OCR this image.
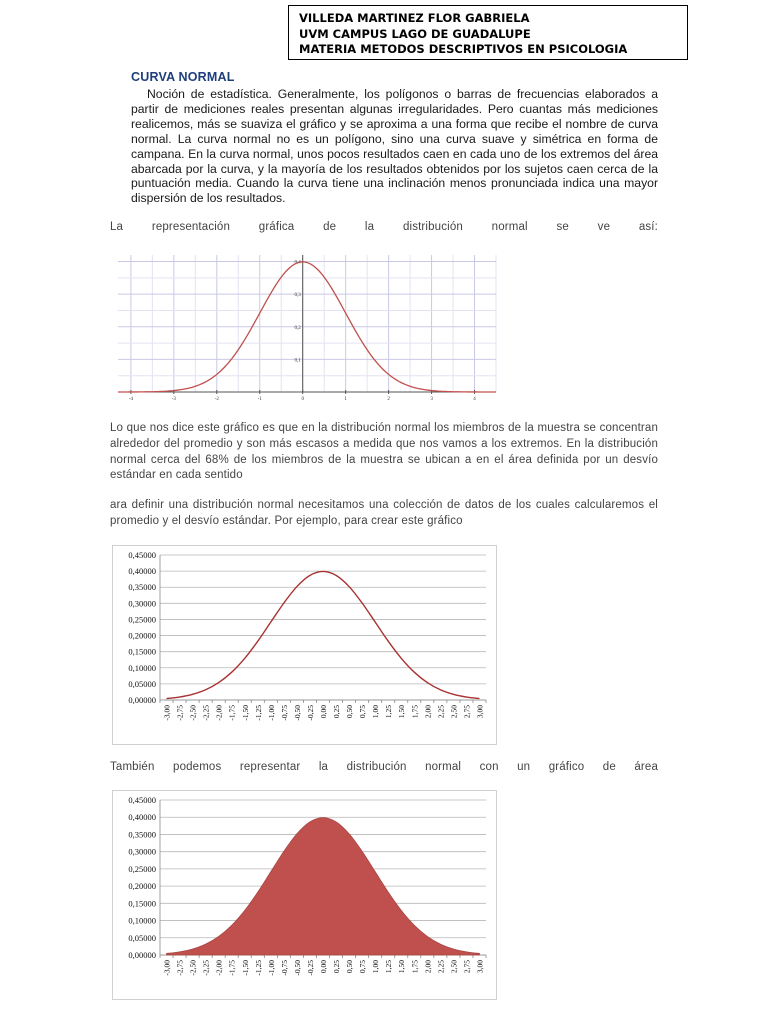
VILLEDA MARTINEZ FLOR GABRIELA
UVM CAMPUS LAGO DE GUADALUPE
MATERIA METODOS DESCRIPTIVOS EN PSICOLOGIA
CURVA NORMAL

Noción de estadística. Generalmente, los polígonos o barras de frecuencias elaborados a partir de mediciones reales presentan algunas irregularidades. Pero cuantas más mediciones realicemos, más se suaviza el gráfico y se aproxima a una forma que recibe el nombre de curva normal. La curva normal no es un polígono, sino una curva suave y simétrica en forma de campana. En la curva normal, unos pocos resultados caen en cada uno de los extremos del área abarcada por la curva, y la mayoría de los resultados obtenidos por los sujetos caen cerca de la puntuación media. Cuando la curva tiene una inclinación menos pronunciada indica una mayor dispersión de los resultados.

La representación gráfica de la distribución normal se ve así:

-4	-3	-2	-1	0	1	2	3	4
0,1
0,2
0,3
0,4

Lo que nos dice este gráfico es que en la distribución normal los miembros de la muestra se concentran alrededor del promedio y son más escasos a medida que nos vamos a los extremos. En la distribución normal cerca del 68% de los miembros de la muestra se ubican a en el área definida por un desvío estándar en cada sentido

ara definir una distribución normal necesitamos una colección de datos de los cuales calcularemos el promedio y el desvío estándar. Por ejemplo, para crear este gráfico

0,00000
0,05000
0,10000
0,15000
0,20000
0,25000
0,30000
0,35000
0,40000
0,45000
-3,00 -2,75 -2,50 -2,25 -2,00 -1,75 -1,50 -1,25 -1,00 -0,75 -0,50 -0,25 0,00 0,25 0,50 0,75 1,00 1,25 1,50 1,75 2,00 2,25 2,50 2,75 3,00

También podemos representar la distribución normal con un gráfico de área

0,00000
0,05000
0,10000
0,15000
0,20000
0,25000
0,30000
0,35000
0,40000
0,45000
-3,00 -2,75 -2,50 -2,25 -2,00 -1,75 -1,50 -1,25 -1,00 -0,75 -0,50 -0,25 0,00 0,25 0,50 0,75 1,00 1,25 1,50 1,75 2,00 2,25 2,50 2,75 3,00
